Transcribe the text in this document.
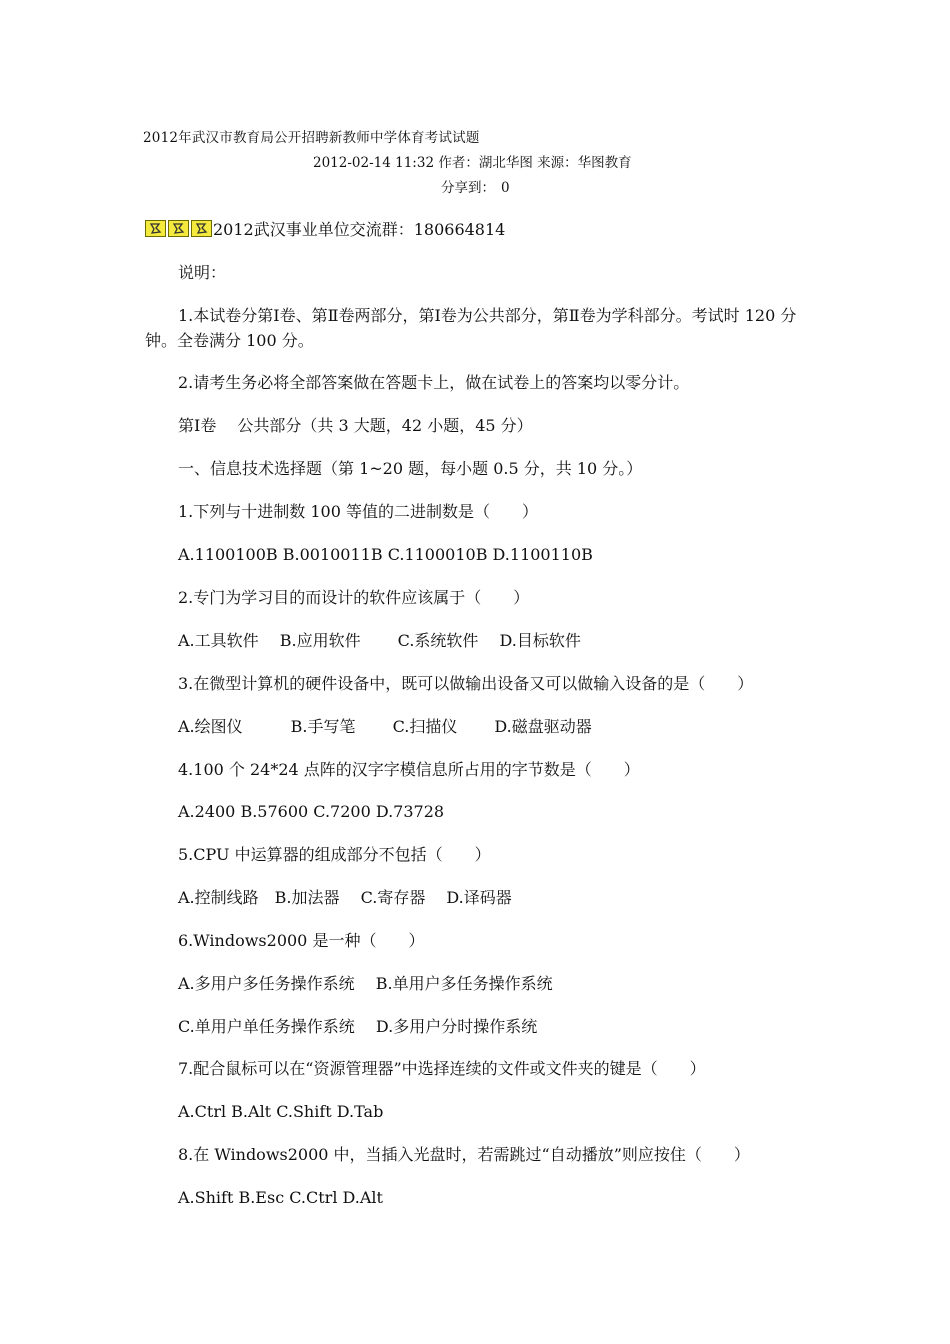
2012年武汉市教育局公开招聘新教师中学体育考试试题
2012-02-14 11:32 作者：湖北华图 来源：华图教育
分享到： 0
2012武汉事业单位交流群：180664814
说明：
1.本试卷分第Ⅰ卷、第Ⅱ卷两部分，第Ⅰ卷为公共部分，第Ⅱ卷为学科部分。考试时 120 分钟。全卷满分 100 分。
2.请考生务必将全部答案做在答题卡上，做在试卷上的答案均以零分计。
第Ⅰ卷　 公共部分（共 3 大题，42 小题，45 分）
一、信息技术选择题（第 1~20 题，每小题 0.5 分，共 10 分。）
1.下列与十进制数 100 等值的二进制数是（　　）
A.1100100B B.0010011B C.1100010B D.1100110B
2.专门为学习目的而设计的软件应该属于（　　）
A.工具软件　 B.应用软件　　 C.系统软件　 D.目标软件
3.在微型计算机的硬件设备中，既可以做输出设备又可以做输入设备的是（　　）
A.绘图仪　　　B.手写笔　　 C.扫描仪　　 D.磁盘驱动器
4.100 个 24*24 点阵的汉字字模信息所占用的字节数是（　　）
A.2400 B.57600 C.7200 D.73728
5.CPU 中运算器的组成部分不包括（　　）
A.控制线路　B.加法器　 C.寄存器　 D.译码器
6.Windows2000 是一种（　　）
A.多用户多任务操作系统　 B.单用户多任务操作系统
C.单用户单任务操作系统　 D.多用户分时操作系统
7.配合鼠标可以在“资源管理器”中选择连续的文件或文件夹的键是（　　）
A.Ctrl B.Alt C.Shift D.Tab
8.在 Windows2000 中，当插入光盘时，若需跳过“自动播放”则应按住（　　）
A.Shift B.Esc C.Ctrl D.Alt
